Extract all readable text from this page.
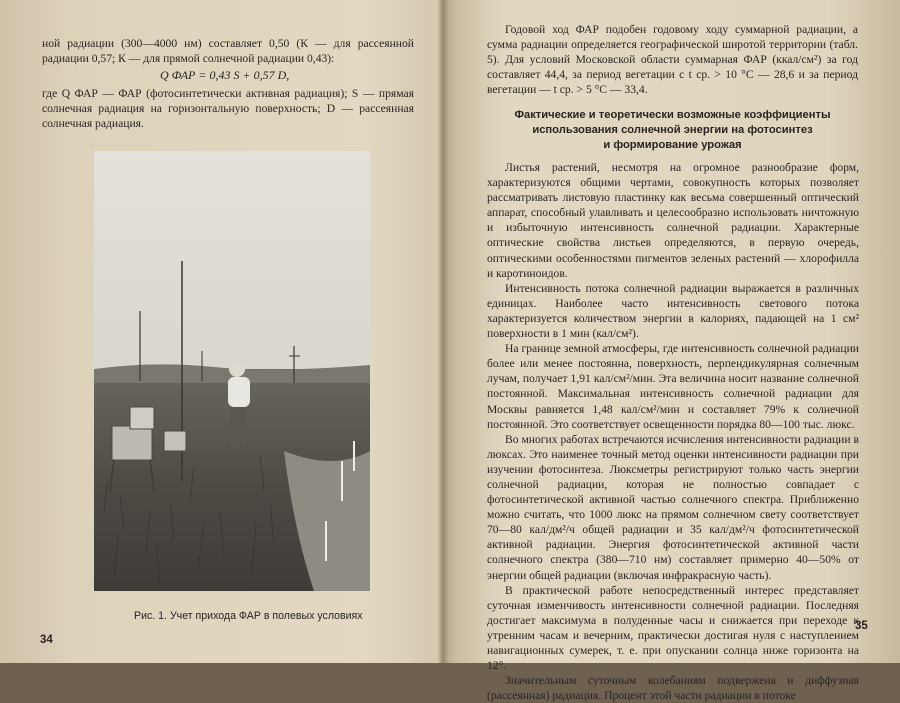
ной радиации (300—4000 нм) составляет 0,50 (К — для рассеянной радиации 0,57; К — для прямой солнечной радиации 0,43):

Q ФАР = 0,43 S + 0,57 D,

где Q ФАР — ФАР (фотосинтетически активная радиация); S — прямая солнечная радиация на горизонтальную поверхность; D — рассеянная солнечная радиация.

Рис. 1. Учет прихода ФАР в полевых условиях
34

Годовой ход ФАР подобен годовому ходу суммарной радиации, а сумма радиации определяется географической широтой территории (табл. 5). Для условий Московской области суммарная ФАР (ккал/см²) за год составляет 44,4, за период вегетации с t ср. > 10 °C — 28,6 и за период вегетации — t ср. > 5 °C — 33,4.

Фактические и теоретически возможные коэффициенты
использования солнечной энергии на фотосинтез
и формирование урожая

Листья растений, несмотря на огромное разнообразие форм, характеризуются общими чертами, совокупность которых позволяет рассматривать листовую пластинку как весьма совершенный оптический аппарат, способный улавливать и целесообразно использовать ничтожную и избыточную интенсивность солнечной радиации. Характерные оптические свойства листьев определяются, в первую очередь, оптическими особенностями пигментов зеленых растений — хлорофилла и каротиноидов.

Интенсивность потока солнечной радиации выражается в различных единицах. Наиболее часто интенсивность светового потока характеризуется количеством энергии в калориях, падающей на 1 см² поверхности в 1 мин (кал/см²).

На границе земной атмосферы, где интенсивность солнечной радиации более или менее постоянна, поверхность, перпендикулярная солнечным лучам, получает 1,91 кал/см²/мин. Эта величина носит название солнечной постоянной. Максимальная интенсивность солнечной радиации для Москвы равняется 1,48 кал/см²/мин и составляет 79% к солнечной постоянной. Это соответствует освещенности порядка 80—100 тыс. люкс.

Во многих работах встречаются исчисления интенсивности радиации в люксах. Это наименее точный метод оценки интенсивности радиации при изучении фотосинтеза. Люксметры регистрируют только часть энергии солнечной радиации, которая не полностью совпадает с фотосинтетической активной частью солнечного спектра. Приближенно можно считать, что 1000 люкс на прямом солнечном свету соответствует 70—80 кал/дм²/ч общей радиации и 35 кал/дм²/ч фотосинтетической активной радиации. Энергия фотосинтетической активной части солнечного спектра (380—710 нм) составляет примерно 40—50% от энергии общей радиации (включая инфракрасную часть).

В практической работе непосредственный интерес представляет суточная изменчивость интенсивности солнечной радиации. Последняя достигает максимума в полуденные часы и снижается при переходе к утренним часам и вечерним, практически достигая нуля с наступлением навигационных сумерек, т. е. при опускании солнца ниже горизонта на 12°.

Значительным суточным колебаниям подвержена и диффузная (рассеянная) радиация. Процент этой части радиации в потоке

35
